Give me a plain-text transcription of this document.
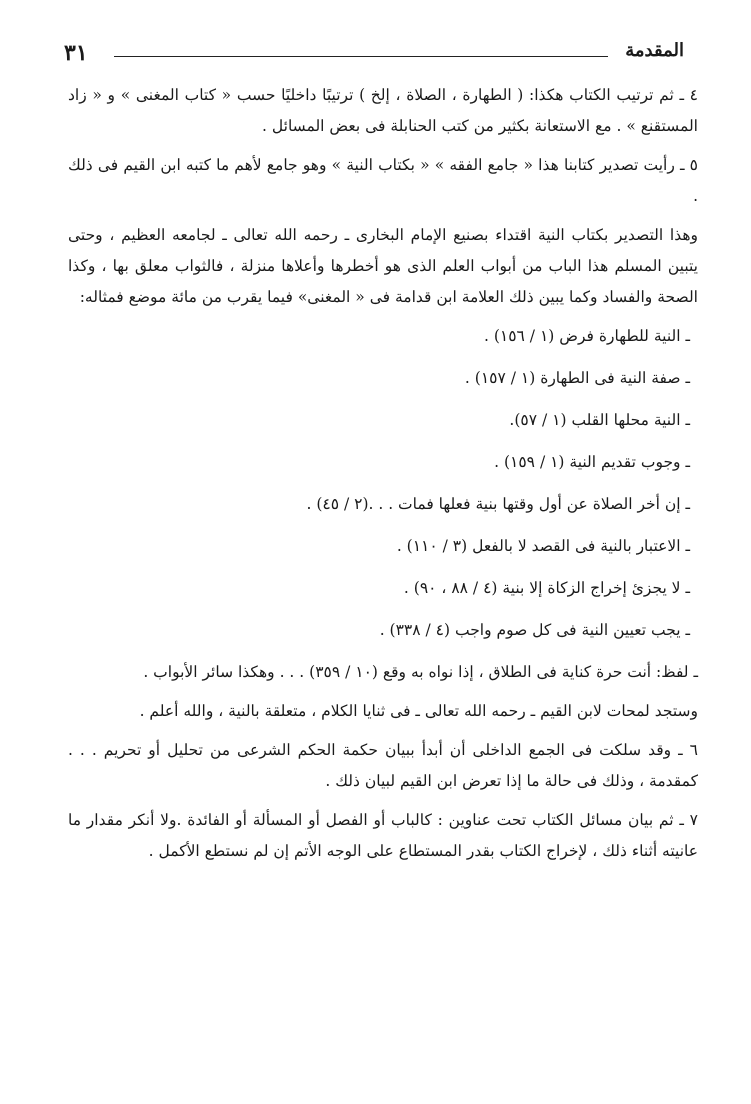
٣١	المقدمة

٤ ـ ثم ترتيب الكتاب هكذا: ( الطهارة ، الصلاة ، إلخ ) ترتيبًا داخليًا حسب « كتاب المغنى » و « زاد المستقنع » . مع الاستعانة بكثير من كتب الحنابلة فى بعض المسائل .

٥ ـ رأيت تصدير كتابنا هذا « جامع الفقه » « بكتاب النية » وهو جامع لأهم ما كتبه ابن القيم فى ذلك .

وهذا التصدير بكتاب النية اقتداء بصنيع الإمام البخارى ـ رحمه الله تعالى ـ لجامعه العظيم ، وحتى يتبين المسلم هذا الباب من أبواب العلم الذى هو أخطرها وأعلاها منزلة ، فالثواب معلق بها ، وكذا الصحة والفساد وكما يبين ذلك العلامة ابن قدامة فى « المغنى» فيما يقرب من مائة موضع فمثاله:

ـ النية للطهارة فرض (١ / ١٥٦) .

ـ صفة النية فى الطهارة (١ / ١٥٧) .

ـ النية محلها القلب (١ / ٥٧).

ـ وجوب تقديم النية (١ / ١٥٩) .

ـ إن أخر الصلاة عن أول وقتها بنية فعلها فمات . . .(٢ / ٤٥) .

ـ الاعتبار بالنية فى القصد لا بالفعل (٣ / ١١٠) .

ـ لا يجزئ إخراج الزكاة إلا بنية (٤ / ٨٨ ، ٩٠) .

ـ يجب تعيين النية فى كل صوم واجب (٤ / ٣٣٨) .

ـ لفظ: أنت حرة كناية فى الطلاق ، إذا نواه به وقع (١٠ / ٣٥٩) . . . وهكذا سائر الأبواب .

وستجد لمحات لابن القيم ـ رحمه الله تعالى ـ فى ثنايا الكلام ، متعلقة بالنية ، والله أعلم .

٦ ـ وقد سلكت فى الجمع الداخلى أن أبدأ ببيان حكمة الحكم الشرعى من تحليل أو تحريم . . . كمقدمة ، وذلك فى حالة ما إذا تعرض ابن القيم لبيان ذلك .

٧ ـ ثم بيان مسائل الكتاب تحت عناوين : كالباب أو الفصل أو المسألة أو الفائدة .ولا أنكر مقدار ما عانيته أثناء ذلك ، لإخراج الكتاب بقدر المستطاع على الوجه الأتم إن لم نستطع الأكمل .
